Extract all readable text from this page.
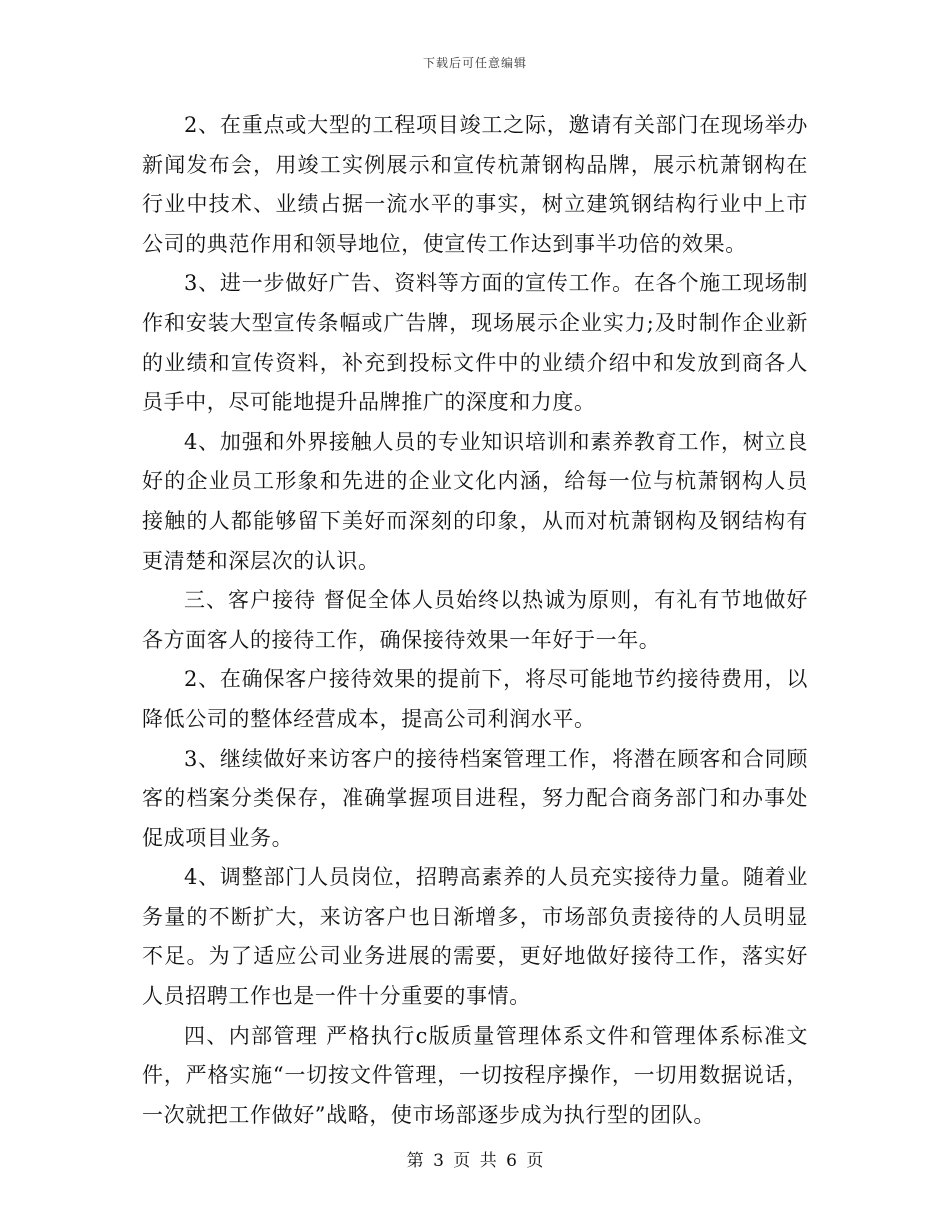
下载后可任意编辑

2、在重点或大型的工程项目竣工之际，邀请有关部门在现场举办新闻发布会，用竣工实例展示和宣传杭萧钢构品牌，展示杭萧钢构在行业中技术、业绩占据一流水平的事实，树立建筑钢结构行业中上市公司的典范作用和领导地位，使宣传工作达到事半功倍的效果。

3、进一步做好广告、资料等方面的宣传工作。在各个施工现场制作和安装大型宣传条幅或广告牌，现场展示企业实力;及时制作企业新的业绩和宣传资料，补充到投标文件中的业绩介绍中和发放到商各人员手中，尽可能地提升品牌推广的深度和力度。

4、加强和外界接触人员的专业知识培训和素养教育工作，树立良好的企业员工形象和先进的企业文化内涵，给每一位与杭萧钢构人员接触的人都能够留下美好而深刻的印象，从而对杭萧钢构及钢结构有更清楚和深层次的认识。

三、客户接待 督促全体人员始终以热诚为原则，有礼有节地做好各方面客人的接待工作，确保接待效果一年好于一年。

2、在确保客户接待效果的提前下，将尽可能地节约接待费用，以降低公司的整体经营成本，提高公司利润水平。

3、继续做好来访客户的接待档案管理工作，将潜在顾客和合同顾客的档案分类保存，准确掌握项目进程，努力配合商务部门和办事处促成项目业务。

4、调整部门人员岗位，招聘高素养的人员充实接待力量。随着业务量的不断扩大，来访客户也日渐增多，市场部负责接待的人员明显不足。为了适应公司业务进展的需要，更好地做好接待工作，落实好人员招聘工作也是一件十分重要的事情。

四、内部管理 严格执行c版质量管理体系文件和管理体系标准文件，严格实施“一切按文件管理，一切按程序操作，一切用数据说话，一次就把工作做好”战略，使市场部逐步成为执行型的团队。

第 3 页 共 6 页
